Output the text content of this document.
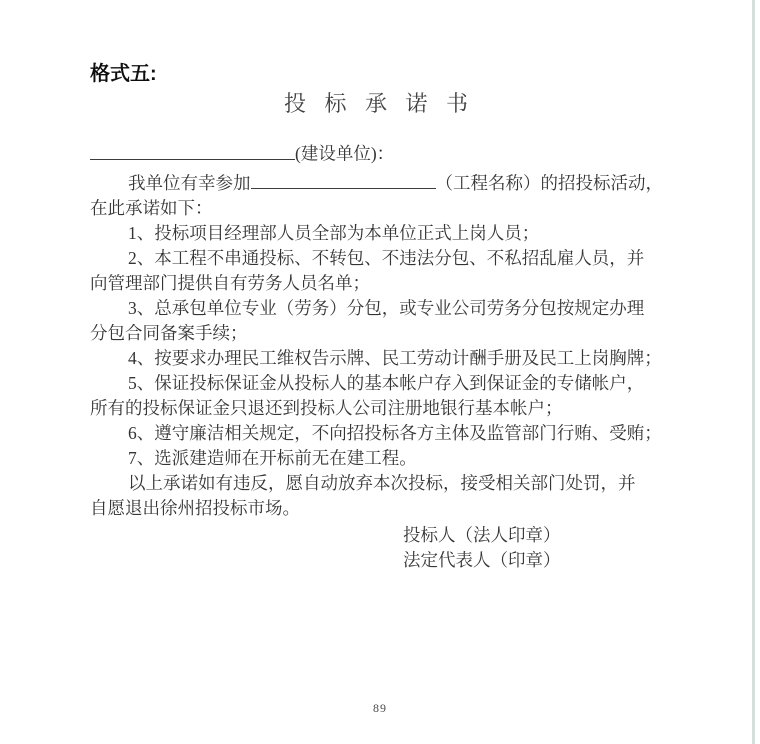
格式五:
投 标 承 诺 书
(建设单位)：
我单位有幸参加	（工程名称）的招投标活动，
在此承诺如下：
1、投标项目经理部人员全部为本单位正式上岗人员；
2、本工程不串通投标、不转包、不违法分包、不私招乱雇人员，并
向管理部门提供自有劳务人员名单；
3、总承包单位专业（劳务）分包，或专业公司劳务分包按规定办理
分包合同备案手续；
4、按要求办理民工维权告示牌、民工劳动计酬手册及民工上岗胸牌；
5、保证投标保证金从投标人的基本帐户存入到保证金的专储帐户，
所有的投标保证金只退还到投标人公司注册地银行基本帐户；
6、遵守廉洁相关规定，不向招投标各方主体及监管部门行贿、受贿；
7、选派建造师在开标前无在建工程。
以上承诺如有违反，愿自动放弃本次投标，接受相关部门处罚，并
自愿退出徐州招投标市场。
投标人（法人印章）
法定代表人（印章）
89
